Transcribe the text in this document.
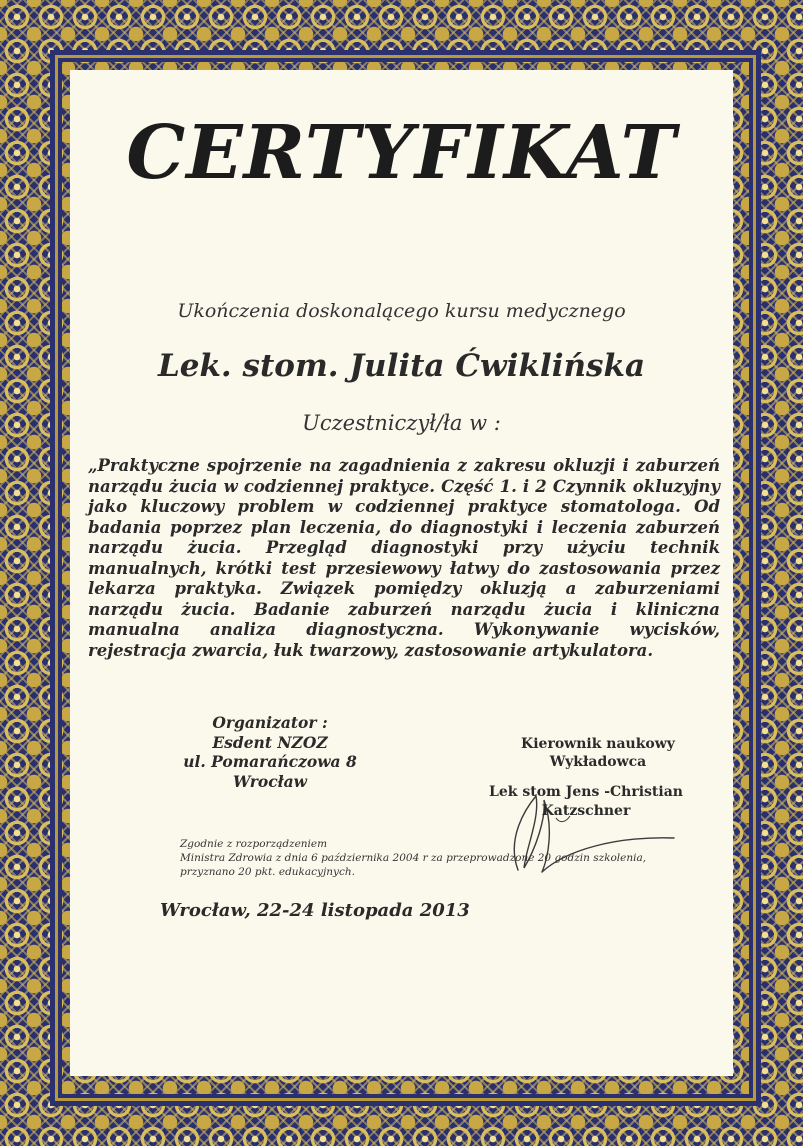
CERTYFIKAT
Ukończenia doskonalącego kursu medycznego
Lek. stom. Julita Ćwiklińska
Uczestniczył/ła w :

„Praktyczne spojrzenie na zagadnienia z zakresu okluzji i zaburzeń narządu żucia w codziennej praktyce. Część 1. i 2 Czynnik okluzyjny jako kluczowy problem w codziennej praktyce stomatologa. Od badania poprzez plan leczenia, do diagnostyki i leczenia zaburzeń narządu żucia. Przegląd diagnostyki przy użyciu technik manualnych, krótki test przesiewowy łatwy do zastosowania przez lekarza praktyka. Związek pomiędzy okluzją a zaburzeniami narządu żucia. Badanie zaburzeń narządu żucia i kliniczna manualna analiza diagnostyczna. Wykonywanie wycisków, rejestracja zwarcia, łuk twarzowy, zastosowanie artykulatora.

Organizator :
Esdent NZOZ
ul. Pomarańczowa 8
Wrocław
Kierownik naukowy
Wykładowca
Lek stom Jens -Christian
Katzschner
Zgodnie z rozporządzeniem
Ministra Zdrowia z dnia 6 października 2004 r za przeprowadzone 20 godzin szkolenia,
przyznano 20 pkt. edukacyjnych.
Wrocław, 22-24 listopada 2013
